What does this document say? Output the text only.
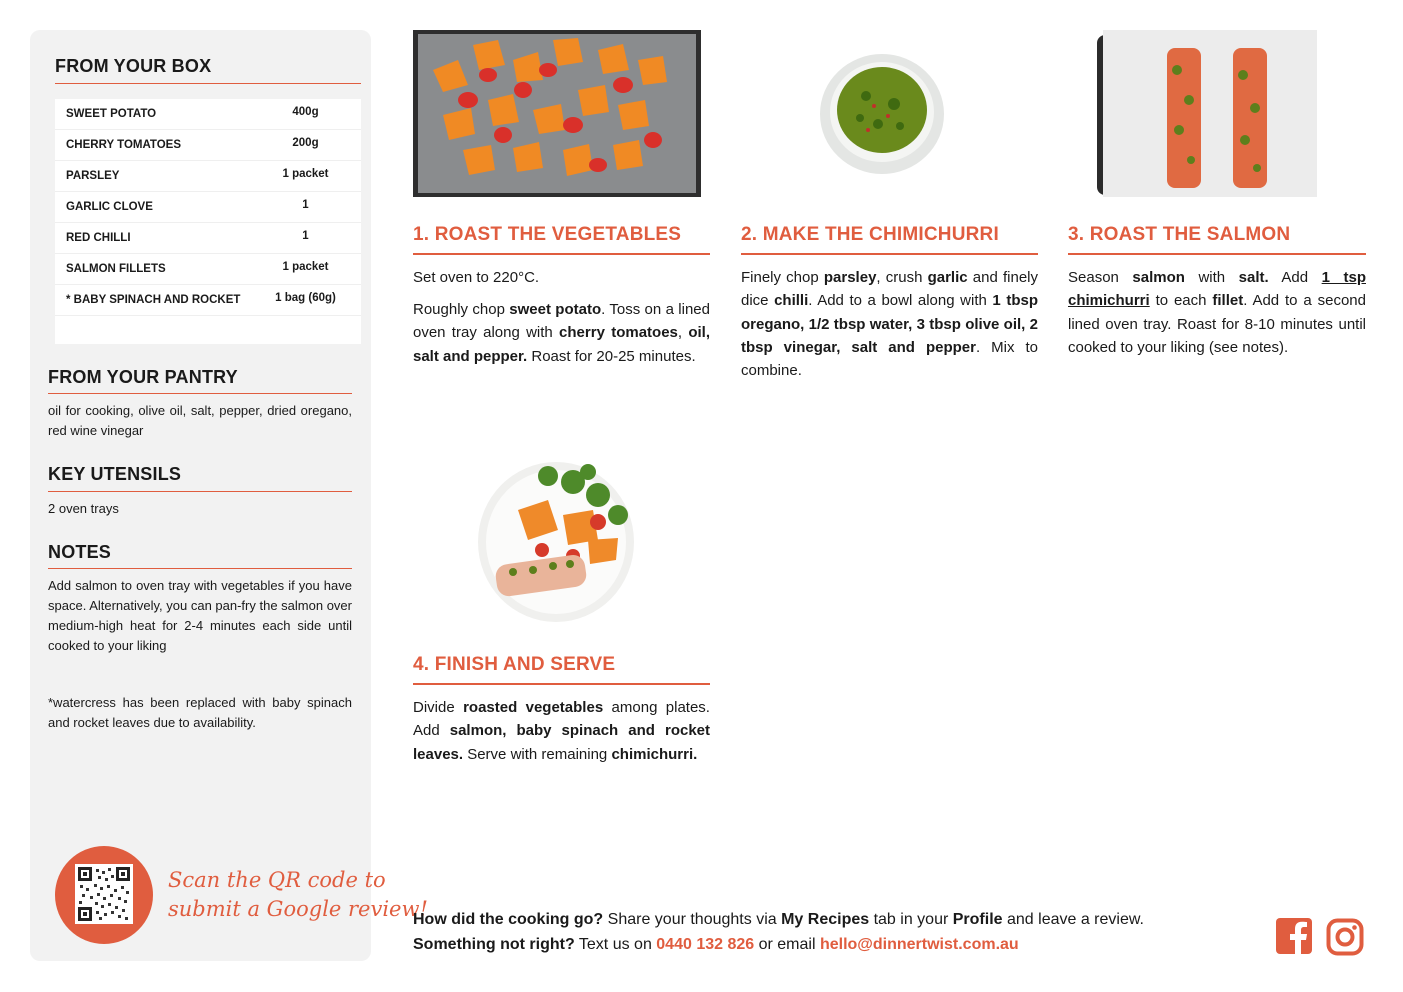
FROM YOUR BOX
SWEET POTATO	400g
CHERRY TOMATOES	200g
PARSLEY	1 packet
GARLIC CLOVE	1
RED CHILLI	1
SALMON FILLETS	1 packet
* BABY SPINACH AND ROCKET	1 bag (60g)
FROM YOUR PANTRY
oil for cooking, olive oil, salt, pepper, dried oregano, red wine vinegar
KEY UTENSILS
2 oven trays
NOTES
Add salmon to oven tray with vegetables if you have space. Alternatively, you can pan-fry the salmon over medium-high heat for 2-4 minutes each side until cooked to your liking
*watercress has been replaced with baby spinach and rocket leaves due to availability.
Scan the QR code to
submit a Google review!
1. ROAST THE VEGETABLES
Set oven to 220°C.
Roughly chop sweet potato. Toss on a lined oven tray along with cherry tomatoes, oil, salt and pepper. Roast for 20-25 minutes.
2. MAKE THE CHIMICHURRI
Finely chop parsley, crush garlic and finely dice chilli. Add to a bowl along with 1 tbsp oregano, 1/2 tbsp water, 3 tbsp olive oil, 2 tbsp vinegar, salt and pepper. Mix to combine.
3. ROAST THE SALMON
Season salmon with salt. Add 1 tsp chimichurri to each fillet. Add to a second lined oven tray. Roast for 8-10 minutes until cooked to your liking (see notes).
4. FINISH AND SERVE
Divide roasted vegetables among plates. Add salmon, baby spinach and rocket leaves. Serve with remaining chimichurri.
How did the cooking go? Share your thoughts via My Recipes tab in your Profile and leave a review.
Something not right? Text us on 0440 132 826 or email hello@dinnertwist.com.au
